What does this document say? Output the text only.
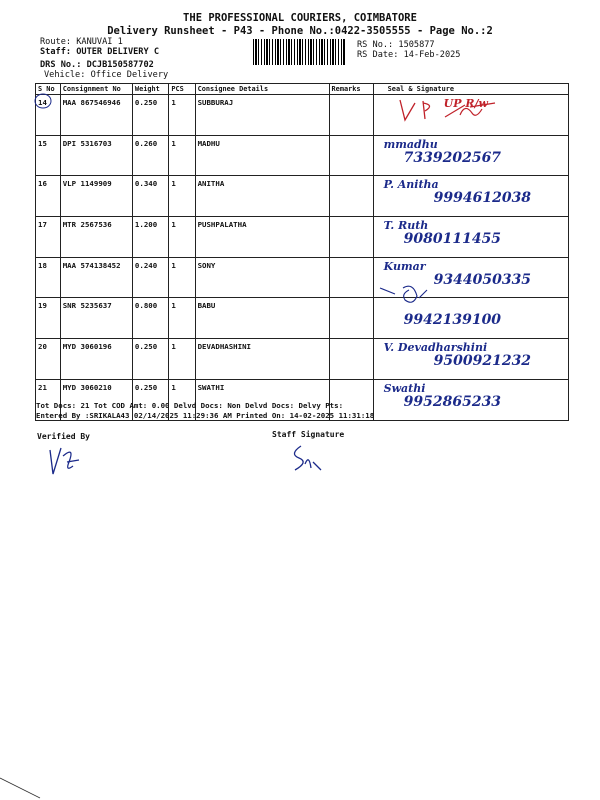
THE PROFESSIONAL COURIERS, COIMBATORE
Delivery Runsheet - P43 - Phone No.:0422-3505555 - Page No.:2
Route: KANUVAI 1
Staff: OUTER DELIVERY C
DRS No.: DCJB150587702
Vehicle: Office Delivery
RS No.: 1505877
RS Date: 14-Feb-2025
S No	Consignment No	Weight	PCS	Consignee Details	Remarks	Seal & Signature
14	MAA 867546946	0.250	1	SUBBURAJ		UP R/w

15	DPI 5316703	0.260	1	MADHU		mmadhu
7339202567

16	VLP 1149909	0.340	1	ANITHA		P. Anitha
9994612038

17	MTR 2567536	1.200	1	PUSHPALATHA		T. Ruth
9080111455

18	MAA 574138452	0.240	1	SONY		Kumar
9344050335

19	SNR 5235637	0.800	1	BABU		9942139100

20	MYD 3060196	0.250	1	DEVADHASHINI		V. Devadharshini
9500921232

21	MYD 3060210	0.250	1	SWATHI		Swathi
9952865233
Tot Docs: 21 Tot COD Amt: 0.00 Delvd Docs: Non Delvd Docs: Delvy Pts:
Entered By :SRIKALA43 02/14/2025 11:29:36 AM Printed On: 14-02-2025 11:31:18
Verified By	Staff Signature
